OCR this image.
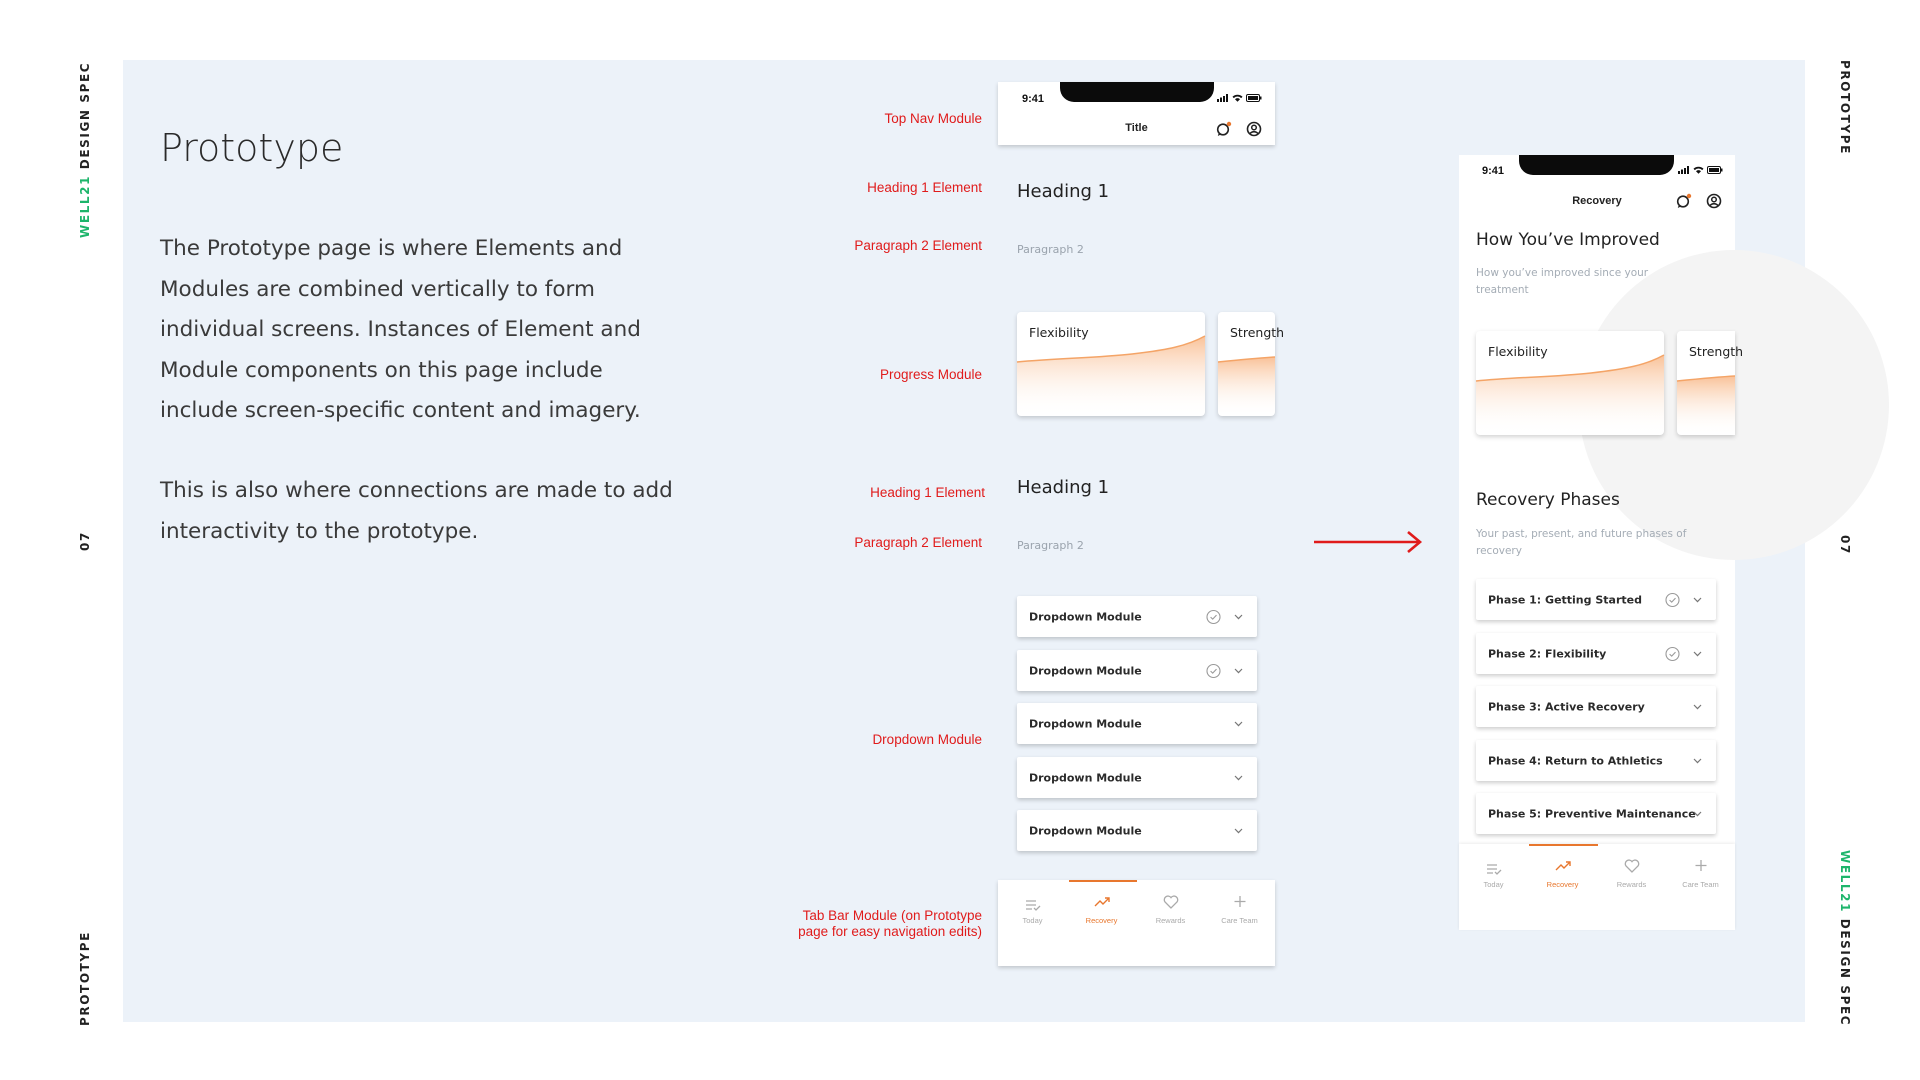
WELL21 DESIGN SPEC
07
PROTOTYPE
PROTOTYPE
07
WELL21 DESIGN SPEC
Prototype
The Prototype page is where Elements and
Modules are combined vertically to form
individual screens. Instances of Element and
Module components on this page include
include screen-specific content and imagery.
This is also where connections are made to add
interactivity to the prototype.
Top Nav Module
Heading 1 Element
Paragraph 2 Element
Progress Module
Heading 1 Element
Paragraph 2 Element
Dropdown Module
Tab Bar Module (on Prototype
page for easy navigation edits)
9:41
Title
Heading 1
Paragraph 2
Flexibility	Strength
Heading 1
Paragraph 2
Dropdown Module
Dropdown Module
Dropdown Module
Dropdown Module
Dropdown Module
Today	Recovery	Rewards	Care Team
9:41
Recovery
How You’ve Improved
How you’ve improved since your treatment
Flexibility	Strength
Recovery Phases
Your past, present, and future phases of recovery
Phase 1: Getting Started
Phase 2: Flexibility
Phase 3: Active Recovery
Phase 4: Return to Athletics
Phase 5: Preventive Maintenance
Today	Recovery	Rewards	Care Team
